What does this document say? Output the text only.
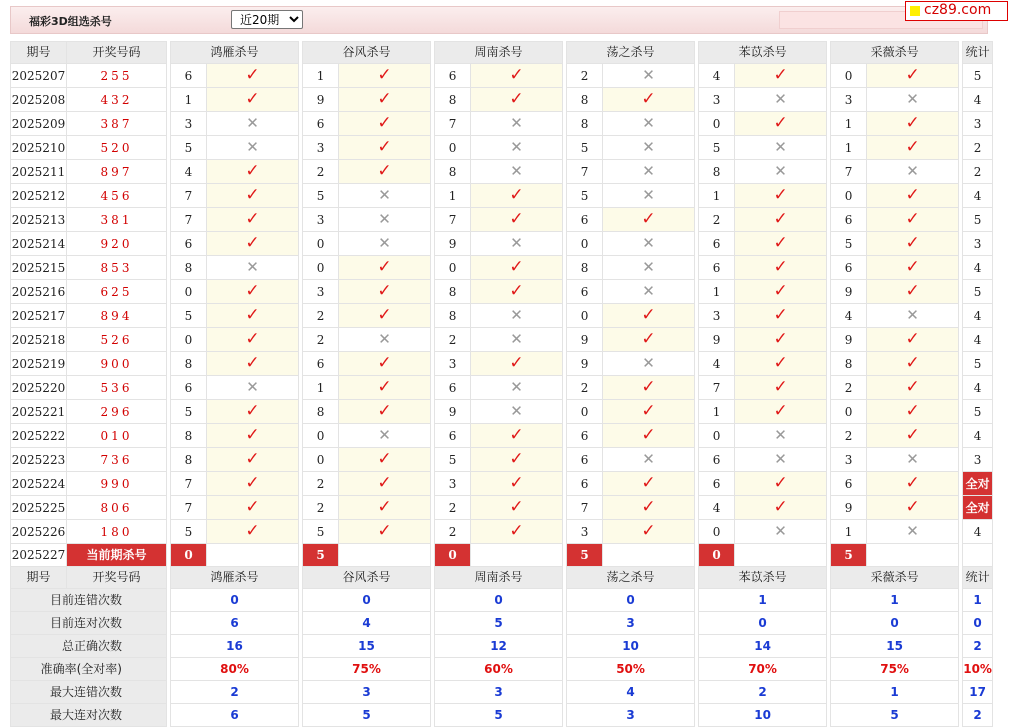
福彩3D组选杀号
近20期
cz89.com
期号	开奖号码		鸿雁杀号			谷风杀号			周南杀号			荡之杀号			苯苡杀号			采薇杀号			统计
2025207	255		6	✓		1	✓		6	✓		2	✕		4	✓		0	✓		5
2025208	432		1	✓		9	✓		8	✓		8	✓		3	✕		3	✕		4
2025209	387		3	✕		6	✓		7	✕		8	✕		0	✓		1	✓		3
2025210	520		5	✕		3	✓		0	✕		5	✕		5	✕		1	✓		2
2025211	897		4	✓		2	✓		8	✕		7	✕		8	✕		7	✕		2
2025212	456		7	✓		5	✕		1	✓		5	✕		1	✓		0	✓		4
2025213	381		7	✓		3	✕		7	✓		6	✓		2	✓		6	✓		5
2025214	920		6	✓		0	✕		9	✕		0	✕		6	✓		5	✓		3
2025215	853		8	✕		0	✓		0	✓		8	✕		6	✓		6	✓		4
2025216	625		0	✓		3	✓		8	✓		6	✕		1	✓		9	✓		5
2025217	894		5	✓		2	✓		8	✕		0	✓		3	✓		4	✕		4
2025218	526		0	✓		2	✕		2	✕		9	✓		9	✓		9	✓		4
2025219	900		8	✓		6	✓		3	✓		9	✕		4	✓		8	✓		5
2025220	536		6	✕		1	✓		6	✕		2	✓		7	✓		2	✓		4
2025221	296		5	✓		8	✓		9	✕		0	✓		1	✓		0	✓		5
2025222	010		8	✓		0	✕		6	✓		6	✓		0	✕		2	✓		4
2025223	736		8	✓		0	✓		5	✓		6	✕		6	✕		3	✕		3
2025224	990		7	✓		2	✓		3	✓		6	✓		6	✓		6	✓		全对
2025225	806		7	✓		2	✓		2	✓		7	✓		4	✓		9	✓		全对
2025226	180		5	✓		5	✓		2	✓		3	✓		0	✕		1	✕		4
2025227	当前期杀号		0			5			0			5			0			5			
期号	开奖号码		鸿雁杀号			谷风杀号			周南杀号			荡之杀号			苯苡杀号			采薇杀号			统计
目前连错次数			0			0			0			0			1			1			1
目前连对次数			6			4			5			3			0			0			0
总正确次数			16			15			12			10			14			15			2
准确率(全对率)			80%			75%			60%			50%			70%			75%			10%
最大连错次数			2			3			3			4			2			1			17
最大连对次数			6			5			5			3			10			5			2
